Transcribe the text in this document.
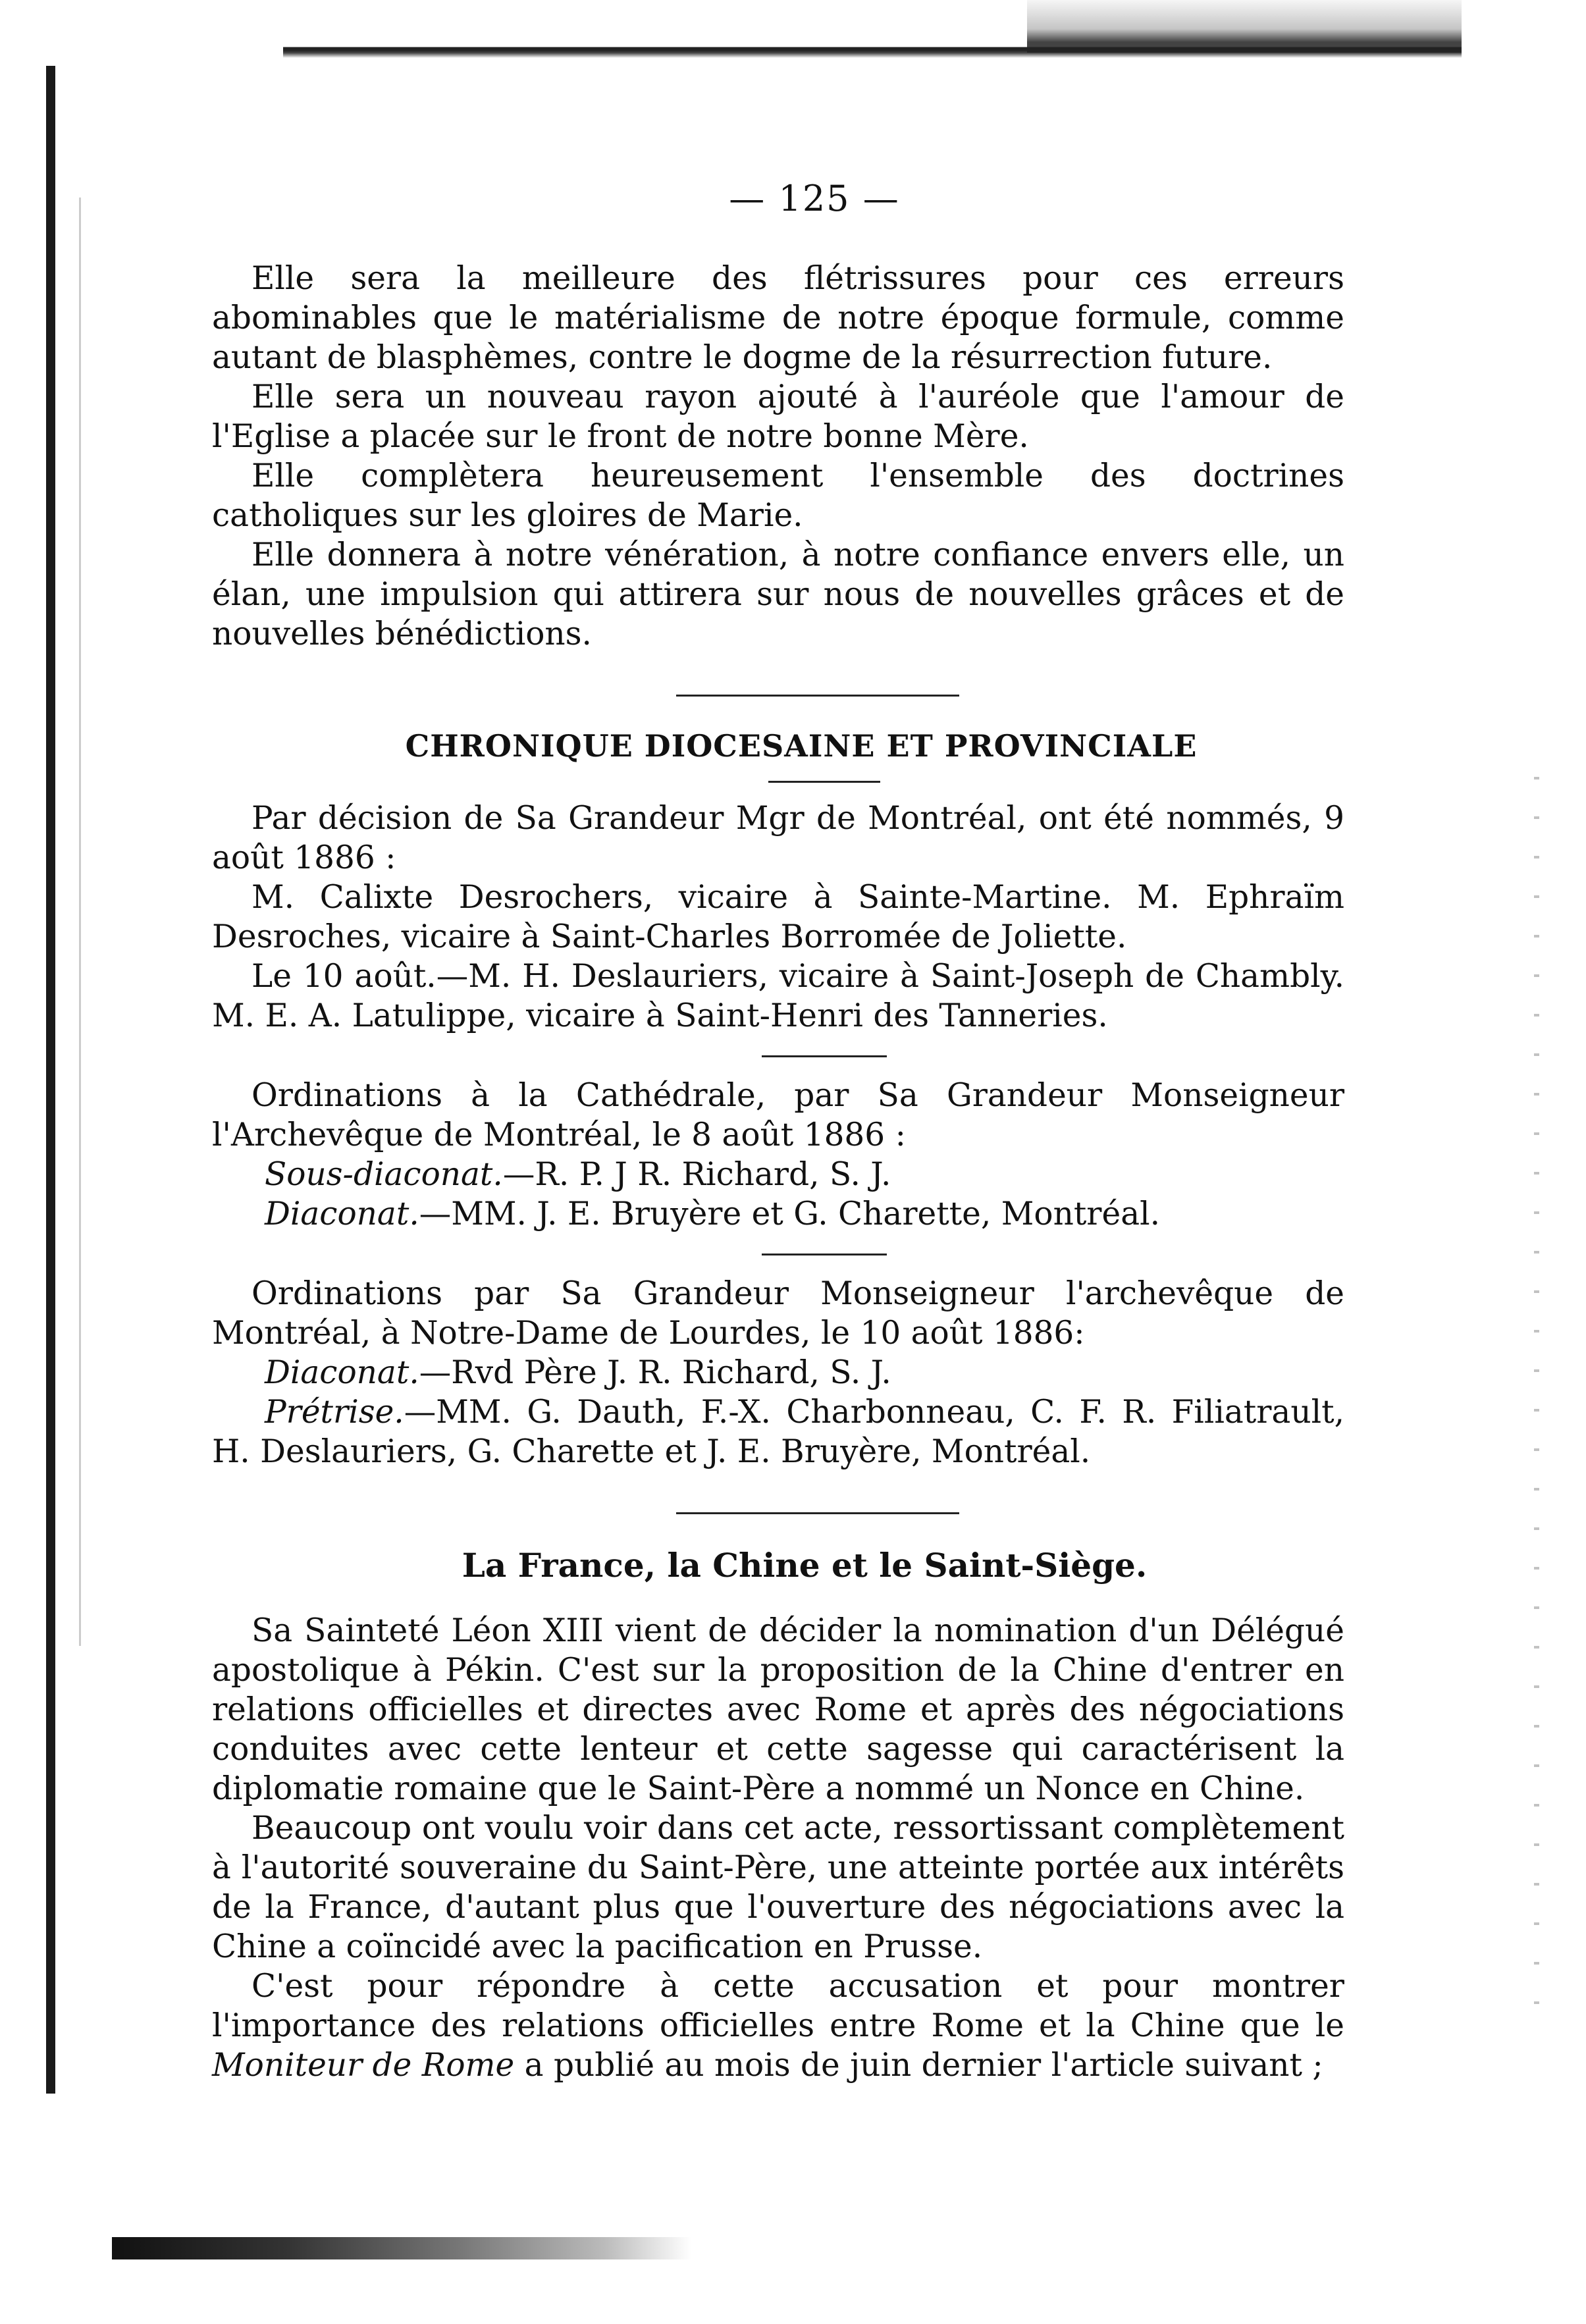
— 125 —

Elle sera la meilleure des flétrissures pour ces erreurs abominables que le matérialisme de notre époque formule, comme autant de blasphèmes, contre le dogme de la résurrection future.

Elle sera un nouveau rayon ajouté à l'auréole que l'amour de l'Eglise a placée sur le front de notre bonne Mère.

Elle complètera heureusement l'ensemble des doctrines catholiques sur les gloires de Marie.

Elle donnera à notre vénération, à notre confiance envers elle, un élan, une impulsion qui attirera sur nous de nouvelles grâces et de nouvelles bénédictions.

CHRONIQUE DIOCESAINE ET PROVINCIALE

Par décision de Sa Grandeur Mgr de Montréal, ont été nommés, 9 août 1886 :

M. Calixte Desrochers, vicaire à Sainte-Martine. M. Ephraïm Desroches, vicaire à Saint-Charles Borromée de Joliette.

Le 10 août.—M. H. Deslauriers, vicaire à Saint-Joseph de Chambly. M. E. A. Latulippe, vicaire à Saint-Henri des Tanneries.

Ordinations à la Cathédrale, par Sa Grandeur Monseigneur l'Archevêque de Montréal, le 8 août 1886 :

Sous-diaconat.—R. P. J R. Richard, S. J.

Diaconat.—MM. J. E. Bruyère et G. Charette, Montréal.

Ordinations par Sa Grandeur Monseigneur l'archevêque de Montréal, à Notre-Dame de Lourdes, le 10 août 1886:

Diaconat.—Rvd Père J. R. Richard, S. J.

Prétrise.—MM. G. Dauth, F.-X. Charbonneau, C. F. R. Filiatrault, H. Deslauriers, G. Charette et J. E. Bruyère, Montréal.

La France, la Chine et le Saint-Siège.

Sa Sainteté Léon XIII vient de décider la nomination d'un Délégué apostolique à Pékin. C'est sur la proposition de la Chine d'entrer en relations officielles et directes avec Rome et après des négociations conduites avec cette lenteur et cette sagesse qui caractérisent la diplomatie romaine que le Saint-Père a nommé un Nonce en Chine.

Beaucoup ont voulu voir dans cet acte, ressortissant complètement à l'autorité souveraine du Saint-Père, une atteinte portée aux intérêts de la France, d'autant plus que l'ouverture des négociations avec la Chine a coïncidé avec la pacification en Prusse.

C'est pour répondre à cette accusation et pour montrer l'importance des relations officielles entre Rome et la Chine que le Moniteur de Rome a publié au mois de juin dernier l'article suivant ;
